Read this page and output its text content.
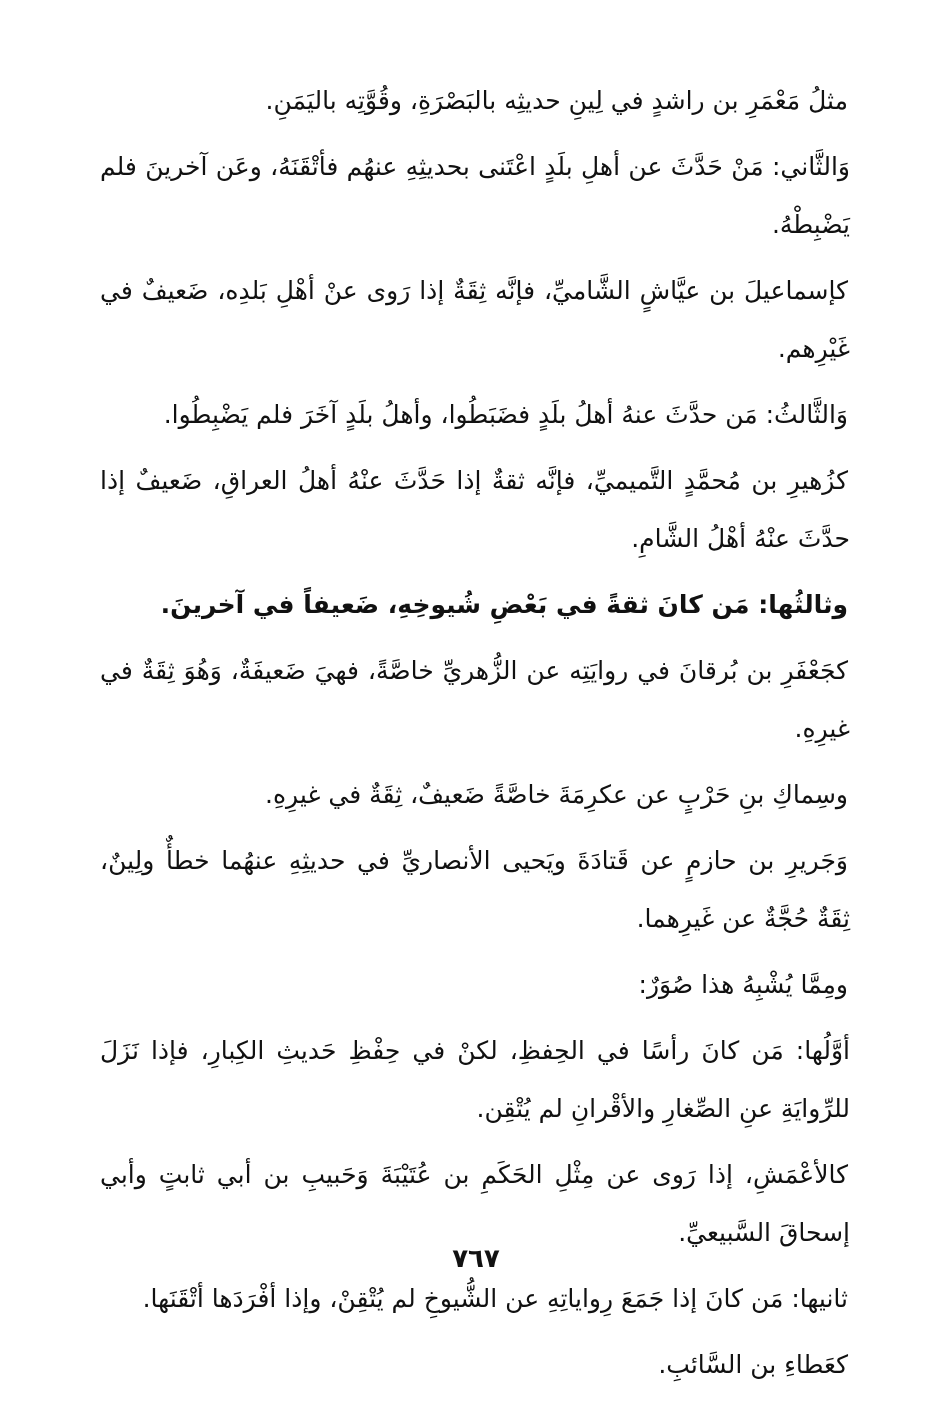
مثلُ مَعْمَرِ بن راشدٍ في لِينِ حديثِه بالبَصْرَةِ، وقُوَّتِه باليَمَنِ.

وَالثَّاني: مَنْ حَدَّثَ عن أهلِ بلَدٍ اعْتَنى بحديثِهِ عنهُم فأتْقَنَهُ، وعَن آخرينَ فلم يَضْبِطْهُ.

كإسماعيلَ بن عيَّاشٍ الشَّاميِّ، فإنَّه ثِقَةٌ إذا رَوى عنْ أهْلِ بَلدِه، ضَعيفٌ في غَيْرِهم.

وَالثَّالثُ: مَن حدَّثَ عنهُ أهلُ بلَدٍ فضَبَطُوا، وأهلُ بلَدٍ آخَرَ فلم يَضْبِطُوا.

كزُهيرِ بن مُحمَّدٍ التَّميميِّ، فإنَّه ثقةٌ إذا حَدَّثَ عنْهُ أهلُ العراقِ، ضَعيفٌ إذا حدَّثَ عنْهُ أهْلُ الشَّامِ.

وثالثُها: مَن كانَ ثقةً في بَعْضِ شُيوخِهِ، ضَعيفاً في آخرينَ.

كجَعْفَرِ بن بُرقانَ في روايَتِه عن الزُّهريِّ خاصَّةً، فهيَ ضَعيفَةٌ، وَهُوَ ثِقَةٌ في غيرِهِ.

وسِماكِ بنِ حَرْبٍ عن عكرِمَةَ خاصَّةً ضَعيفٌ، ثِقَةٌ في غيرِهِ.

وَجَريرِ بن حازمٍ عن قَتادَةَ ويَحيى الأنصاريِّ في حديثِهِ عنهُما خطأٌ ولِينٌ، ثِقَةٌ حُجَّةٌ عن غَيرِهما.

ومِمَّا يُشْبِهُ هذا صُوَرٌ:

أوَّلُها: مَن كانَ رأسًا في الحِفظِ، لكنْ في حِفْظِ حَديثِ الكِبارِ، فإذا نَزَلَ للرِّوايَةِ عنِ الصِّغارِ والأقْرانِ لم يُتْقِن.

كالأعْمَشِ، إذا رَوى عن مِثْلِ الحَكَمِ بن عُتَيْبَةَ وَحَبيبِ بن أبي ثابتٍ وأبي إسحاقَ السَّبيعيِّ.

ثانيها: مَن كانَ إذا جَمَعَ رِواياتِهِ عن الشُّيوخِ لم يُتْقِنْ، وإذا أفْرَدَها أتْقَنَها.

كعَطاءِ بن السَّائبِ.

٧٦٧
